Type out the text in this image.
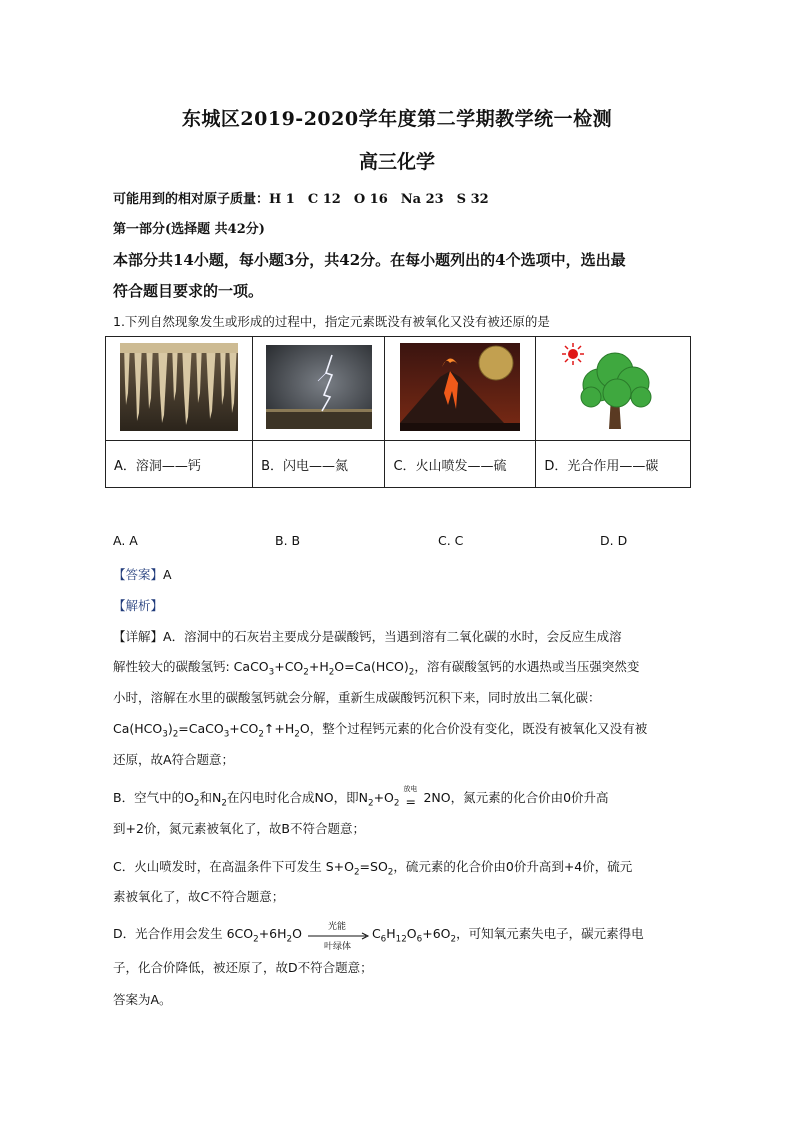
东城区2019-2020学年度第二学期教学统一检测
高三化学
可能用到的相对原子质量：H 1　C 12　O 16　Na 23　S 32
第一部分(选择题 共42分)
本部分共14小题，每小题3分，共42分。在每小题列出的4个选项中，选出最
符合题目要求的一项。
1.下列自然现象发生或形成的过程中，指定元素既没有被氧化又没有被还原的是

A．溶洞——钙	B．闪电——氮	C．火山喷发——硫	D．光合作用——碳
A. A	B. B	C. C	D. D
【答案】A
【解析】
【详解】A．溶洞中的石灰岩主要成分是碳酸钙，当遇到溶有二氧化碳的水时，会反应生成溶
解性较大的碳酸氢钙: $CaCO_3+CO_2+H_2O=Ca(HCO)_2$，溶有碳酸氢钙的水遇热或当压强突然变
小时，溶解在水里的碳酸氢钙就会分解，重新生成碳酸钙沉积下来，同时放出二氧化碳：
$Ca(HCO_3)_2=CaCO_3+CO_2↑+H_2O$，整个过程钙元素的化合价没有变化，既没有被氧化又没有被
还原，故A符合题意；
B．空气中的$O_2$和$N_2$在闪电时化合成NO，即$N_2+O_2$
放电
= 2NO，氮元素的化合价由0价升高
到+2价，氮元素被氧化了，故B不符合题意；
C．火山喷发时，在高温条件下可发生 $S+O_2=SO_2$，硫元素的化合价由0价升高到+4价，硫元
素被氧化了，故C不符合题意；
D．光合作用会发生 $6CO_2+6H_2O$	光能
叶绿体
$C_6H_{12}O_6+6O_2$，可知氧元素失电子，碳元素得电
子，化合价降低，被还原了，故D不符合题意；
答案为A。
